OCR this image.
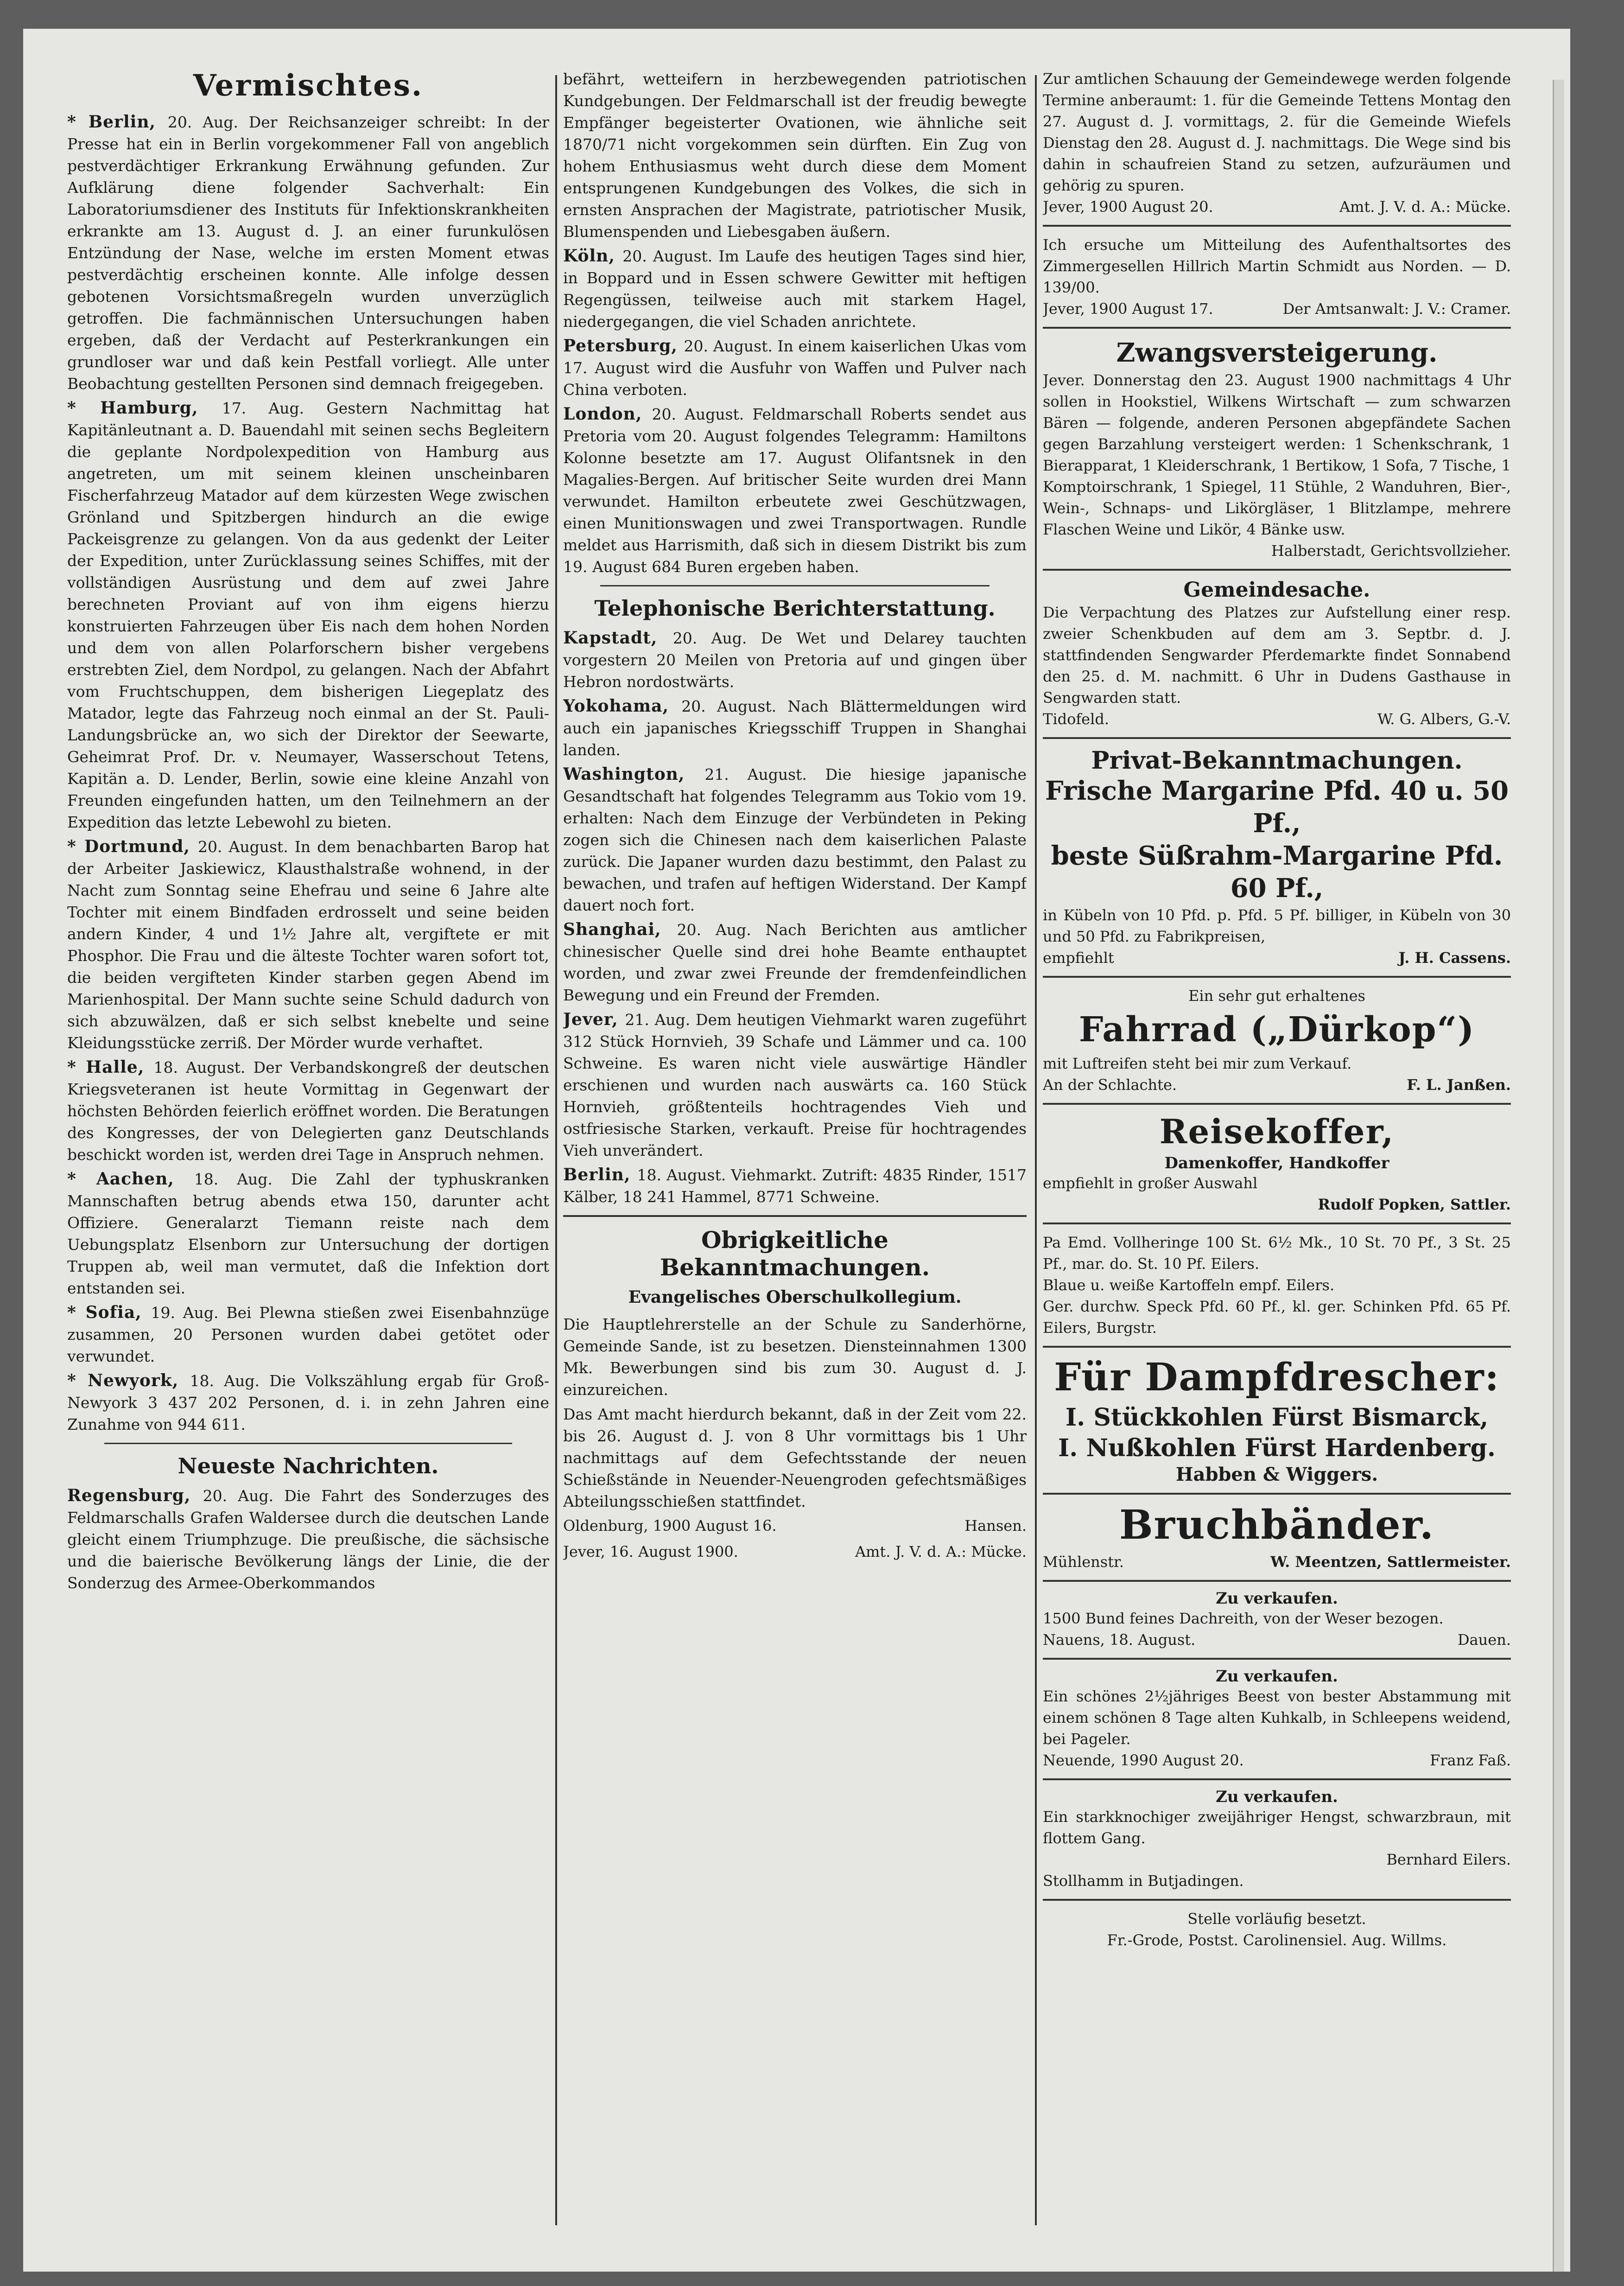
Vermischtes.
* Berlin, 20. Aug. Der Reichsanzeiger schreibt: In der Presse hat ein in Berlin vorgekommener Fall von angeblich pestverdächtiger Erkrankung Erwähnung gefunden. Zur Aufklärung diene folgender Sachverhalt: Ein Laboratoriumsdiener des Instituts für Infektionskrankheiten erkrankte am 13. August d. J. an einer furunkulösen Entzündung der Nase, welche im ersten Moment etwas pestverdächtig erscheinen konnte. Alle infolge dessen gebotenen Vorsichtsmaßregeln wurden unverzüglich getroffen. Die fachmännischen Untersuchungen haben ergeben, daß der Verdacht auf Pesterkrankungen ein grundloser war und daß kein Pestfall vorliegt. Alle unter Beobachtung gestellten Personen sind demnach freigegeben.
* Hamburg, 17. Aug. Gestern Nachmittag hat Kapitänleutnant a. D. Bauendahl mit seinen sechs Begleitern die geplante Nordpolexpedition von Hamburg aus angetreten, um mit seinem kleinen unscheinbaren Fischerfahrzeug Matador auf dem kürzesten Wege zwischen Grönland und Spitzbergen hindurch an die ewige Packeisgrenze zu gelangen. Von da aus gedenkt der Leiter der Expedition, unter Zurücklassung seines Schiffes, mit der vollständigen Ausrüstung und dem auf zwei Jahre berechneten Proviant auf von ihm eigens hierzu konstruierten Fahrzeugen über Eis nach dem hohen Norden und dem von allen Polarforschern bisher vergebens erstrebten Ziel, dem Nordpol, zu gelangen. Nach der Abfahrt vom Fruchtschuppen, dem bisherigen Liegeplatz des Matador, legte das Fahrzeug noch einmal an der St. Pauli-Landungsbrücke an, wo sich der Direktor der Seewarte, Geheimrat Prof. Dr. v. Neumayer, Wasserschout Tetens, Kapitän a. D. Lender, Berlin, sowie eine kleine Anzahl von Freunden eingefunden hatten, um den Teilnehmern an der Expedition das letzte Lebewohl zu bieten.
* Dortmund, 20. August. In dem benachbarten Barop hat der Arbeiter Jaskiewicz, Klausthalstraße wohnend, in der Nacht zum Sonntag seine Ehefrau und seine 6 Jahre alte Tochter mit einem Bindfaden erdrosselt und seine beiden andern Kinder, 4 und 1½ Jahre alt, vergiftete er mit Phosphor. Die Frau und die älteste Tochter waren sofort tot, die beiden vergifteten Kinder starben gegen Abend im Marienhospital. Der Mann suchte seine Schuld dadurch von sich abzuwälzen, daß er sich selbst knebelte und seine Kleidungsstücke zerriß. Der Mörder wurde verhaftet.
* Halle, 18. August. Der Verbandskongreß der deutschen Kriegsveteranen ist heute Vormittag in Gegenwart der höchsten Behörden feierlich eröffnet worden. Die Beratungen des Kongresses, der von Delegierten ganz Deutschlands beschickt worden ist, werden drei Tage in Anspruch nehmen.
* Aachen, 18. Aug. Die Zahl der typhuskranken Mannschaften betrug abends etwa 150, darunter acht Offiziere. Generalarzt Tiemann reiste nach dem Uebungsplatz Elsenborn zur Untersuchung der dortigen Truppen ab, weil man vermutet, daß die Infektion dort entstanden sei.
* Sofia, 19. Aug. Bei Plewna stießen zwei Eisenbahnzüge zusammen, 20 Personen wurden dabei getötet oder verwundet.
* Newyork, 18. Aug. Die Volkszählung ergab für Groß-Newyork 3 437 202 Personen, d. i. in zehn Jahren eine Zunahme von 944 611.
Neueste Nachrichten.
Regensburg, 20. Aug. Die Fahrt des Sonderzuges des Feldmarschalls Grafen Waldersee durch die deutschen Lande gleicht einem Triumphzuge. Die preußische, die sächsische und die baierische Bevölkerung längs der Linie, die der Sonderzug des Armee-Oberkommandos
befährt, wetteifern in herzbewegenden patriotischen Kundgebungen. Der Feldmarschall ist der freudig bewegte Empfänger begeisterter Ovationen, wie ähnliche seit 1870/71 nicht vorgekommen sein dürften. Ein Zug von hohem Enthusiasmus weht durch diese dem Moment entsprungenen Kundgebungen des Volkes, die sich in ernsten Ansprachen der Magistrate, patriotischer Musik, Blumenspenden und Liebesgaben äußern.
Köln, 20. August. Im Laufe des heutigen Tages sind hier, in Boppard und in Essen schwere Gewitter mit heftigen Regengüssen, teilweise auch mit starkem Hagel, niedergegangen, die viel Schaden anrichtete.
Petersburg, 20. August. In einem kaiserlichen Ukas vom 17. August wird die Ausfuhr von Waffen und Pulver nach China verboten.
London, 20. August. Feldmarschall Roberts sendet aus Pretoria vom 20. August folgendes Telegramm: Hamiltons Kolonne besetzte am 17. August Olifantsnek in den Magalies-Bergen. Auf britischer Seite wurden drei Mann verwundet. Hamilton erbeutete zwei Geschützwagen, einen Munitionswagen und zwei Transportwagen. Rundle meldet aus Harrismith, daß sich in diesem Distrikt bis zum 19. August 684 Buren ergeben haben.
Telephonische Berichterstattung.
Kapstadt, 20. Aug. De Wet und Delarey tauchten vorgestern 20 Meilen von Pretoria auf und gingen über Hebron nordostwärts.
Yokohama, 20. August. Nach Blättermeldungen wird auch ein japanisches Kriegsschiff Truppen in Shanghai landen.
Washington, 21. August. Die hiesige japanische Gesandtschaft hat folgendes Telegramm aus Tokio vom 19. erhalten: Nach dem Einzuge der Verbündeten in Peking zogen sich die Chinesen nach dem kaiserlichen Palaste zurück. Die Japaner wurden dazu bestimmt, den Palast zu bewachen, und trafen auf heftigen Widerstand. Der Kampf dauert noch fort.
Shanghai, 20. Aug. Nach Berichten aus amtlicher chinesischer Quelle sind drei hohe Beamte enthauptet worden, und zwar zwei Freunde der fremdenfeindlichen Bewegung und ein Freund der Fremden.
Jever, 21. Aug. Dem heutigen Viehmarkt waren zugeführt 312 Stück Hornvieh, 39 Schafe und Lämmer und ca. 100 Schweine. Es waren nicht viele auswärtige Händler erschienen und wurden nach auswärts ca. 160 Stück Hornvieh, größtenteils hochtragendes Vieh und ostfriesische Starken, verkauft. Preise für hochtragendes Vieh unverändert.
Berlin, 18. August. Viehmarkt. Zutrift: 4835 Rinder, 1517 Kälber, 18 241 Hammel, 8771 Schweine.
Obrigkeitliche Bekanntmachungen.
Evangelisches Oberschulkollegium.
Die Hauptlehrerstelle an der Schule zu Sanderhörne, Gemeinde Sande, ist zu besetzen. Diensteinnahmen 1300 Mk. Bewerbungen sind bis zum 30. August d. J. einzureichen.
Das Amt macht hierdurch bekannt, daß in der Zeit vom 22. bis 26. August d. J. von 8 Uhr vormittags bis 1 Uhr nachmittags auf dem Gefechtsstande der neuen Schießstände in Neuender-Neuengroden gefechtsmäßiges Abteilungsschießen stattfindet.
Oldenburg, 1900 August 16.	Hansen.
Jever, 16. August 1900.	Amt. J. V. d. A.: Mücke.
Zur amtlichen Schauung der Gemeindewege werden folgende Termine anberaumt: 1. für die Gemeinde Tettens Montag den 27. August d. J. vormittags, 2. für die Gemeinde Wiefels Dienstag den 28. August d. J. nachmittags. Die Wege sind bis dahin in schaufreien Stand zu setzen, aufzuräumen und gehörig zu spuren.
Jever, 1900 August 20.	Amt. J. V. d. A.: Mücke.
Ich ersuche um Mitteilung des Aufenthaltsortes des Zimmergesellen Hillrich Martin Schmidt aus Norden. — D. 139/00.
Jever, 1900 August 17.	Der Amtsanwalt: J. V.: Cramer.
Zwangsversteigerung.
Jever. Donnerstag den 23. August 1900 nachmittags 4 Uhr sollen in Hookstiel, Wilkens Wirtschaft — zum schwarzen Bären — folgende, anderen Personen abgepfändete Sachen gegen Barzahlung versteigert werden: 1 Schenkschrank, 1 Bierapparat, 1 Kleiderschrank, 1 Bertikow, 1 Sofa, 7 Tische, 1 Komptoirschrank, 1 Spiegel, 11 Stühle, 2 Wanduhren, Bier-, Wein-, Schnaps- und Likörgläser, 1 Blitzlampe, mehrere Flaschen Weine und Likör, 4 Bänke usw.
Halberstadt, Gerichtsvollzieher.
Gemeindesache.
Die Verpachtung des Platzes zur Aufstellung einer resp. zweier Schenkbuden auf dem am 3. Septbr. d. J. stattfindenden Sengwarder Pferdemarkte findet Sonnabend den 25. d. M. nachmitt. 6 Uhr in Dudens Gasthause in Sengwarden statt.
Tidofeld.	W. G. Albers, G.-V.
Privat-Bekanntmachungen.
Frische Margarine Pfd. 40 u. 50 Pf.,
beste Süßrahm-Margarine Pfd. 60 Pf.,
in Kübeln von 10 Pfd. p. Pfd. 5 Pf. billiger, in Kübeln von 30 und 50 Pfd. zu Fabrikpreisen,
empfiehlt	J. H. Cassens.
Ein sehr gut erhaltenes
Fahrrad („Dürkop“)
mit Luftreifen steht bei mir zum Verkauf.
An der Schlachte.	F. L. Janßen.
Reisekoffer,
Damenkoffer, Handkoffer
empfiehlt in großer Auswahl
Rudolf Popken, Sattler.
Pa Emd. Vollheringe 100 St. 6½ Mk., 10 St. 70 Pf., 3 St. 25 Pf., mar. do. St. 10 Pf. Eilers.
Blaue u. weiße Kartoffeln empf. Eilers.
Ger. durchw. Speck Pfd. 60 Pf., kl. ger. Schinken Pfd. 65 Pf. Eilers, Burgstr.
Für Dampfdrescher:
I. Stückkohlen Fürst Bismarck,
I. Nußkohlen Fürst Hardenberg.
Habben & Wiggers.
Bruchbänder.
Mühlenstr.	W. Meentzen, Sattlermeister.
Zu verkaufen.
1500 Bund feines Dachreith, von der Weser bezogen.
Nauens, 18. August.	Dauen.
Zu verkaufen.
Ein schönes 2½jähriges Beest von bester Abstammung mit einem schönen 8 Tage alten Kuhkalb, in Schleepens weidend, bei Pageler.
Neuende, 1990 August 20.	Franz Faß.
Zu verkaufen.
Ein starkknochiger zweijähriger Hengst, schwarzbraun, mit flottem Gang.
Bernhard Eilers.
Stollhamm in Butjadingen.
Stelle vorläufig besetzt.
Fr.-Grode, Postst. Carolinensiel. Aug. Willms.
